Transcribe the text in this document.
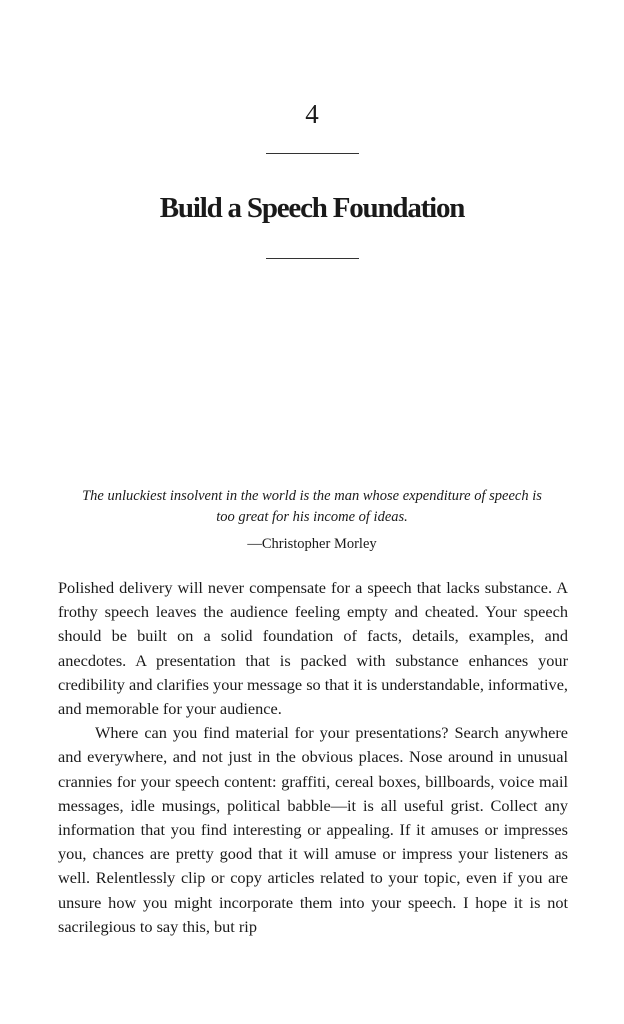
4
Build a Speech Foundation
The unluckiest insolvent in the world is the man whose expenditure of speech is too great for his income of ideas.
—Christopher Morley

Polished delivery will never compensate for a speech that lacks substance. A frothy speech leaves the audience feeling empty and cheated. Your speech should be built on a solid foundation of facts, details, examples, and anecdotes. A presentation that is packed with substance enhances your credibility and clarifies your message so that it is understandable, informative, and memorable for your audience.

Where can you find material for your presentations? Search anywhere and everywhere, and not just in the obvious places. Nose around in unusual crannies for your speech content: graffiti, cereal boxes, billboards, voice mail messages, idle musings, political babble—it is all useful grist. Collect any information that you find interesting or appealing. If it amuses or impresses you, chances are pretty good that it will amuse or impress your listeners as well. Relentlessly clip or copy articles related to your topic, even if you are unsure how you might incorporate them into your speech. I hope it is not sacrilegious to say this, but rip
